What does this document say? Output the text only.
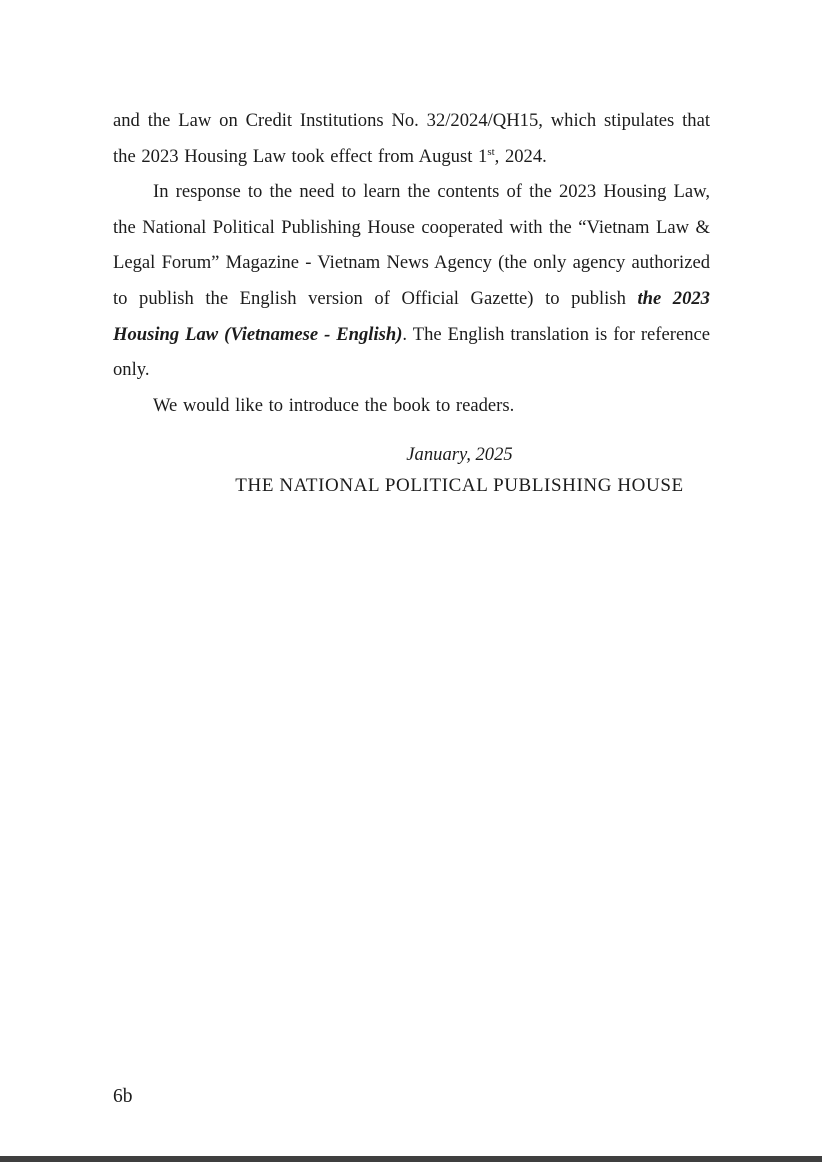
and the Law on Credit Institutions No. 32/2024/QH15, which stipulates that the 2023 Housing Law took effect from August 1st, 2024.

In response to the need to learn the contents of the 2023 Housing Law, the National Political Publishing House cooperated with the “Vietnam Law & Legal Forum” Magazine - Vietnam News Agency (the only agency authorized to publish the English version of Official Gazette) to publish the 2023 Housing Law (Vietnamese - English). The English translation is for reference only.

We would like to introduce the book to readers.

January, 2025
THE NATIONAL POLITICAL PUBLISHING HOUSE
6b
